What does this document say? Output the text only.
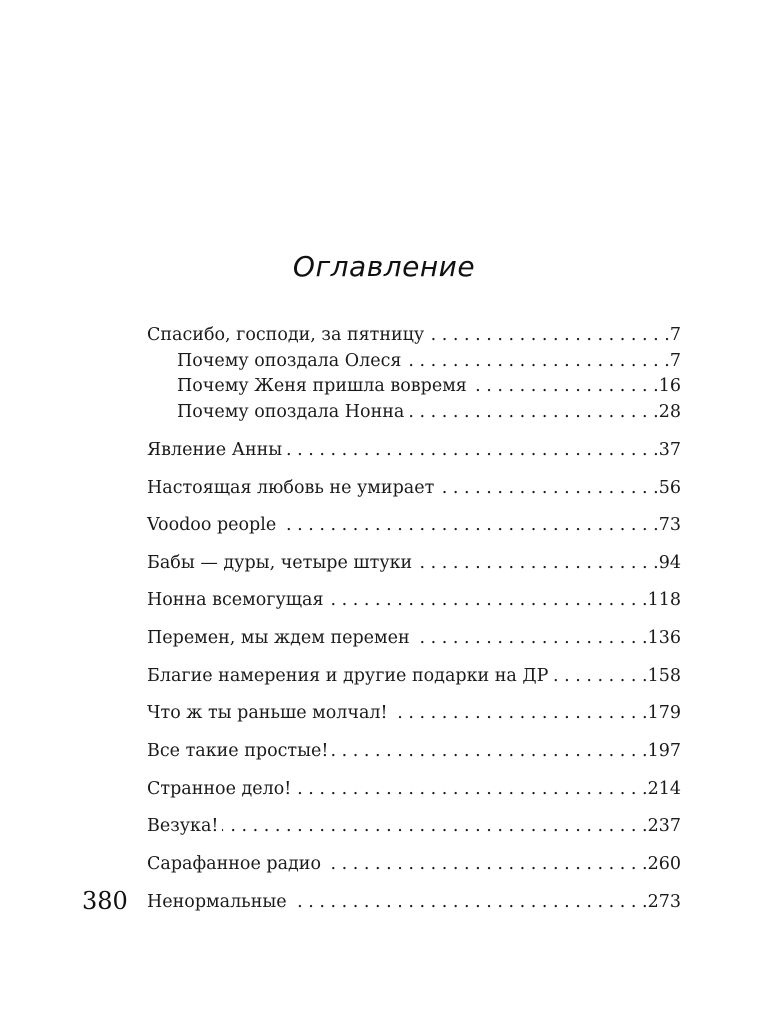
Оглавление
Спасибо, господи, за пятницу . . .	7
Почему опоздала Олеся . . .	7
Почему Женя пришла вовремя . . .	16
Почему опоздала Нонна . . .	28
Явление Анны . . .	37
Настоящая любовь не умирает . . .	56
Voodoo people . . .	73
Бабы — дуры, четыре штуки . . .	94
Нонна всемогущая . . .	118
Перемен, мы ждем перемен . . .	136
Благие намерения и другие подарки на ДР . . .	158
Что ж ты раньше молчал! . . .	179
Все такие простые! . . .	197
Странное дело! . . .	214
Везука! . . .	237
Сарафанное радио . . .	260
Ненормальные . . .	273
380
